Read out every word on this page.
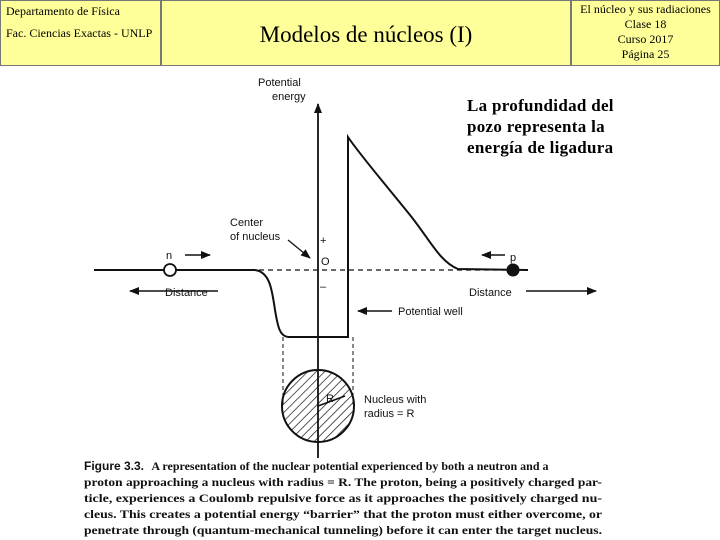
Departamento de Física
Fac. Ciencias Exactas - UNLP	Modelos de núcleos (I)
El núcleo y sus radiaciones
Clase 18
Curso 2017
Página 25
La profundidad del
pozo representa la
energía de ligadura
Potential
energy
n	p
Distance	Distance
Center
of nucleus	+
O
–
Potential well
R	Nucleus with
radius = R
Figure 3.3. A representation of the nuclear potential experienced by both a neutron and a
proton approaching a nucleus with radius = R. The proton, being a positively charged par-
ticle, experiences a Coulomb repulsive force as it approaches the positively charged nu-
cleus. This creates a potential energy “barrier” that the proton must either overcome, or
penetrate through (quantum-mechanical tunneling) before it can enter the target nucleus.
